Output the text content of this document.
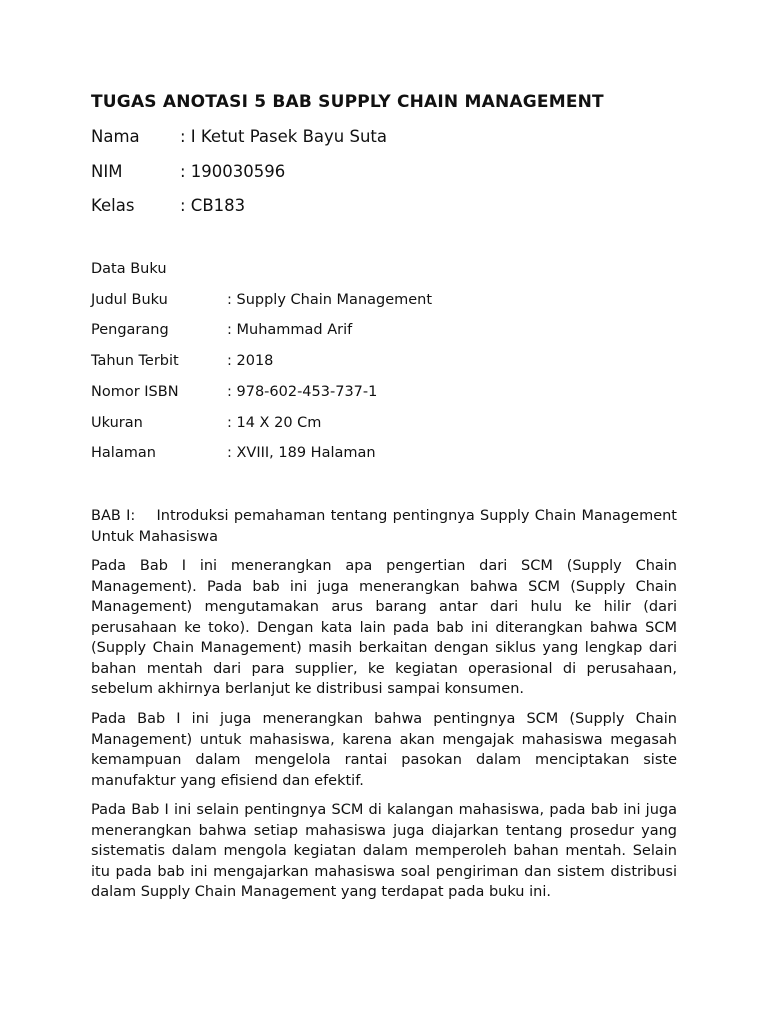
TUGAS ANOTASI 5 BAB SUPPLY CHAIN MANAGEMENT
Nama : I Ketut Pasek Bayu Suta
NIM	: 190030596
Kelas	: CB183
Data Buku
Judul Buku	: Supply Chain Management
Pengarang	: Muhammad Arif
Tahun Terbit	: 2018
Nomor ISBN	: 978-602-453-737-1
Ukuran	: 14 X 20 Cm
Halaman	: XVIII, 189 Halaman

BAB I:    Introduksi pemahaman tentang pentingnya Supply Chain Management Untuk Mahasiswa

Pada Bab I ini menerangkan apa pengertian dari SCM (Supply Chain Management). Pada bab ini juga menerangkan bahwa SCM (Supply Chain Management) mengutamakan arus barang antar dari hulu ke hilir (dari perusahaan ke toko). Dengan kata lain pada bab ini diterangkan bahwa SCM (Supply Chain Management) masih berkaitan dengan siklus yang lengkap dari bahan mentah dari para supplier, ke kegiatan operasional di perusahaan, sebelum akhirnya berlanjut ke distribusi sampai konsumen.

Pada Bab I ini juga menerangkan bahwa pentingnya SCM (Supply Chain Management) untuk mahasiswa, karena akan mengajak mahasiswa megasah kemampuan dalam mengelola rantai pasokan dalam menciptakan siste manufaktur yang efisiend dan efektif.

Pada Bab I ini selain pentingnya SCM di kalangan mahasiswa, pada bab ini juga menerangkan bahwa setiap mahasiswa juga diajarkan tentang prosedur yang sistematis dalam mengola kegiatan dalam memperoleh bahan mentah. Selain itu pada bab ini mengajarkan mahasiswa soal pengiriman dan sistem distribusi dalam Supply Chain Management yang terdapat pada buku ini.
